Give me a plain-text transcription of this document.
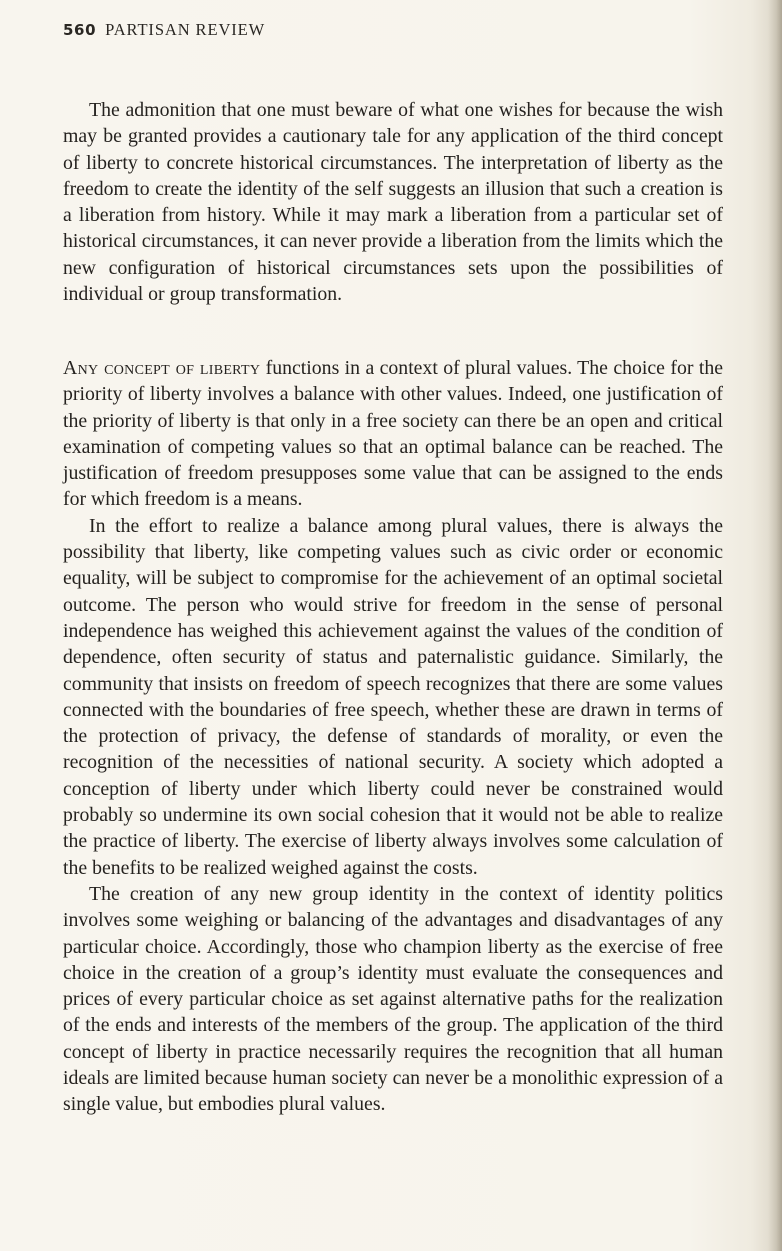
560 PARTISAN REVIEW

The admonition that one must beware of what one wishes for because the wish may be granted provides a cautionary tale for any application of the third concept of liberty to concrete historical circumstances. The interpretation of liberty as the freedom to create the identity of the self suggests an illusion that such a creation is a liberation from history. While it may mark a liberation from a particular set of historical circumstances, it can never provide a liberation from the limits which the new configuration of historical circumstances sets upon the possibilities of individual or group transformation.

Any concept of liberty functions in a context of plural values. The choice for the priority of liberty involves a balance with other values. Indeed, one justification of the priority of liberty is that only in a free society can there be an open and critical examination of competing values so that an optimal balance can be reached. The justification of freedom presupposes some value that can be assigned to the ends for which freedom is a means.

In the effort to realize a balance among plural values, there is always the possibility that liberty, like competing values such as civic order or economic equality, will be subject to compromise for the achievement of an optimal societal outcome. The person who would strive for freedom in the sense of personal independence has weighed this achievement against the values of the condition of dependence, often security of status and paternalistic guidance. Similarly, the community that insists on freedom of speech recognizes that there are some values connected with the boundaries of free speech, whether these are drawn in terms of the protection of privacy, the defense of standards of morality, or even the recognition of the necessities of national security. A society which adopted a conception of liberty under which liberty could never be constrained would probably so undermine its own social cohesion that it would not be able to realize the practice of liberty. The exercise of liberty always involves some calculation of the benefits to be realized weighed against the costs.

The creation of any new group identity in the context of identity politics involves some weighing or balancing of the advantages and disadvantages of any particular choice. Accordingly, those who champion liberty as the exercise of free choice in the creation of a group’s identity must evaluate the consequences and prices of every particular choice as set against alternative paths for the realization of the ends and interests of the members of the group. The application of the third concept of liberty in practice necessarily requires the recognition that all human ideals are limited because human society can never be a monolithic expression of a single value, but embodies plural values.
